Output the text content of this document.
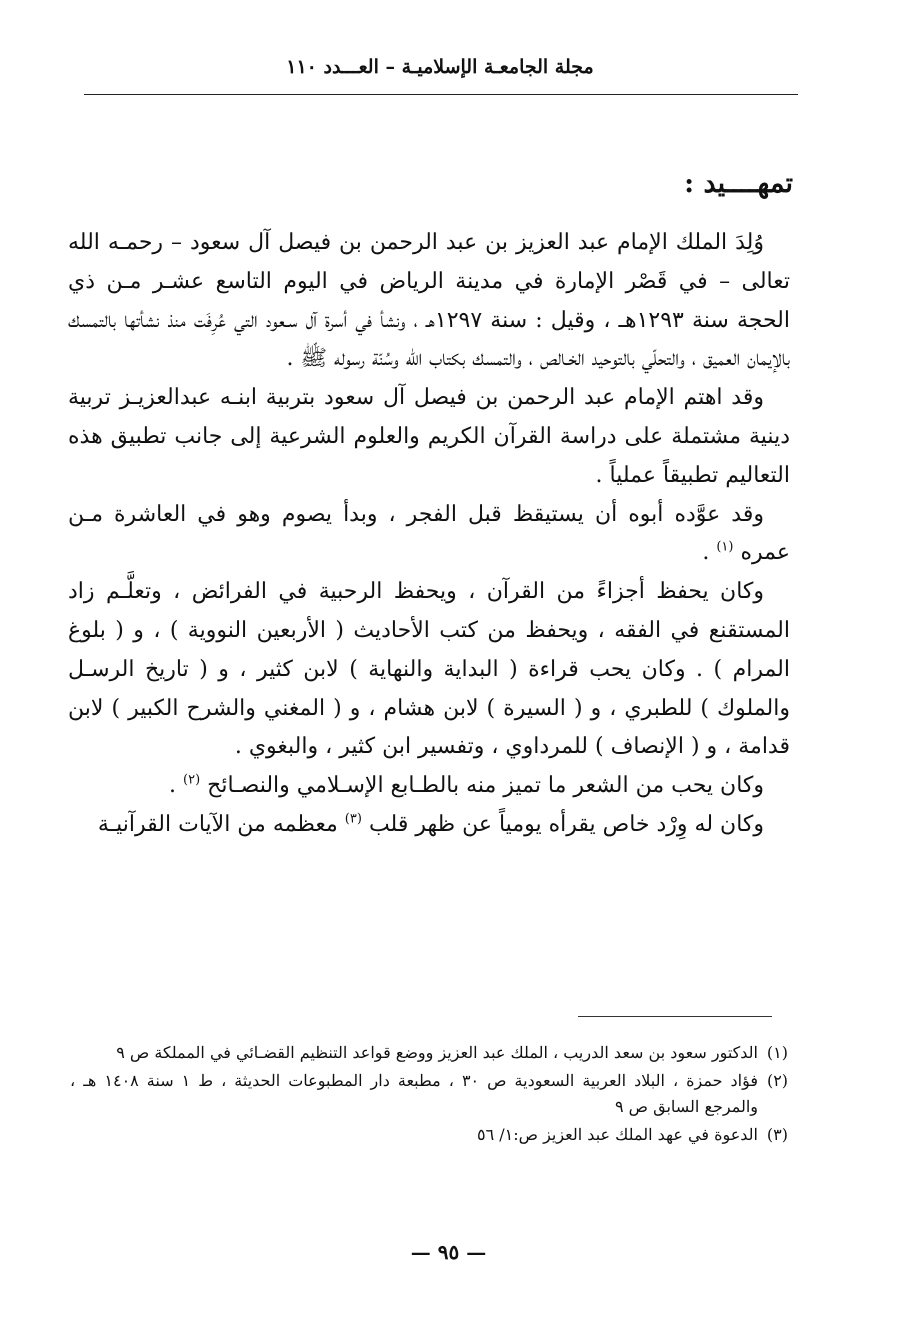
مجلة الجامعـة الإسلاميـة – العـــدد ١١٠
تمهــــيد :

وُلِدَ الملك الإمام عبد العزيز بن عبد الرحمن بن فيصل آل سعود – رحمـه الله تعالى – في قَصْر الإمارة في مدينة الرياض في اليوم التاسع عشـر مـن ذي الحجة سنة ١٢٩٣هـ ، وقيل : سنة ١٢٩٧هـ ، ونشأ في أسرة آل سـعود التي عُرِفَت منذ نشأتها بالتمسك بالإيمان العميق ، والتحلّي بالتوحيد الخـالص ، والتمسك بكتاب الله وسُنّة رسوله ﷺ .

وقد اهتم الإمام عبد الرحمن بن فيصل آل سعود بتربية ابنـه عبدالعزيـز تربية دينية مشتملة على دراسة القرآن الكريم والعلوم الشرعية إلى جانب تطبيق هذه التعاليم تطبيقاً عملياً .

وقد عوَّده أبوه أن يستيقظ قبل الفجر ، وبدأ يصوم وهو في العاشرة مـن عمره $^{(١)}$ .

وكان يحفظ أجزاءً من القرآن ، ويحفظ الرحبية في الفرائض ، وتعلَّـم زاد المستقنع في الفقه ، ويحفظ من كتب الأحاديث ( الأربعين النووية ) ، و ( بلوغ المرام ) . وكان يحب قراءة ( البداية والنهاية ) لابن كثير ، و ( تاريخ الرسـل والملوك ) للطبري ، و ( السيرة ) لابن هشام ، و ( المغني والشرح الكبير ) لابن قدامة ، و ( الإنصاف ) للمرداوي ، وتفسير ابن كثير ، والبغوي .

وكان يحب من الشعر ما تميز منه بالطـابع الإسـلامي والنصـائح $^{(٢)}$ .

وكان له وِرْد خاص يقرأه يومياً عن ظهر قلب $^{(٣)}$ معظمه من الآيات القرآنيـة

(١)الدكتور سعود بن سعد الدريب ، الملك عبد العزيز ووضع قواعد التنظيم القضـائي في المملكة ص ٩

(٢)فؤاد حمزة ، البلاد العربية السعودية ص ٣٠ ، مطبعة دار المطبوعات الحديثة ، ط ١ سنة ١٤٠٨ هـ ، والمرجع السابق ص ٩

(٣)الدعوة في عهد الملك عبد العزيز ص:١/ ٥٦

— ٩٥ —
